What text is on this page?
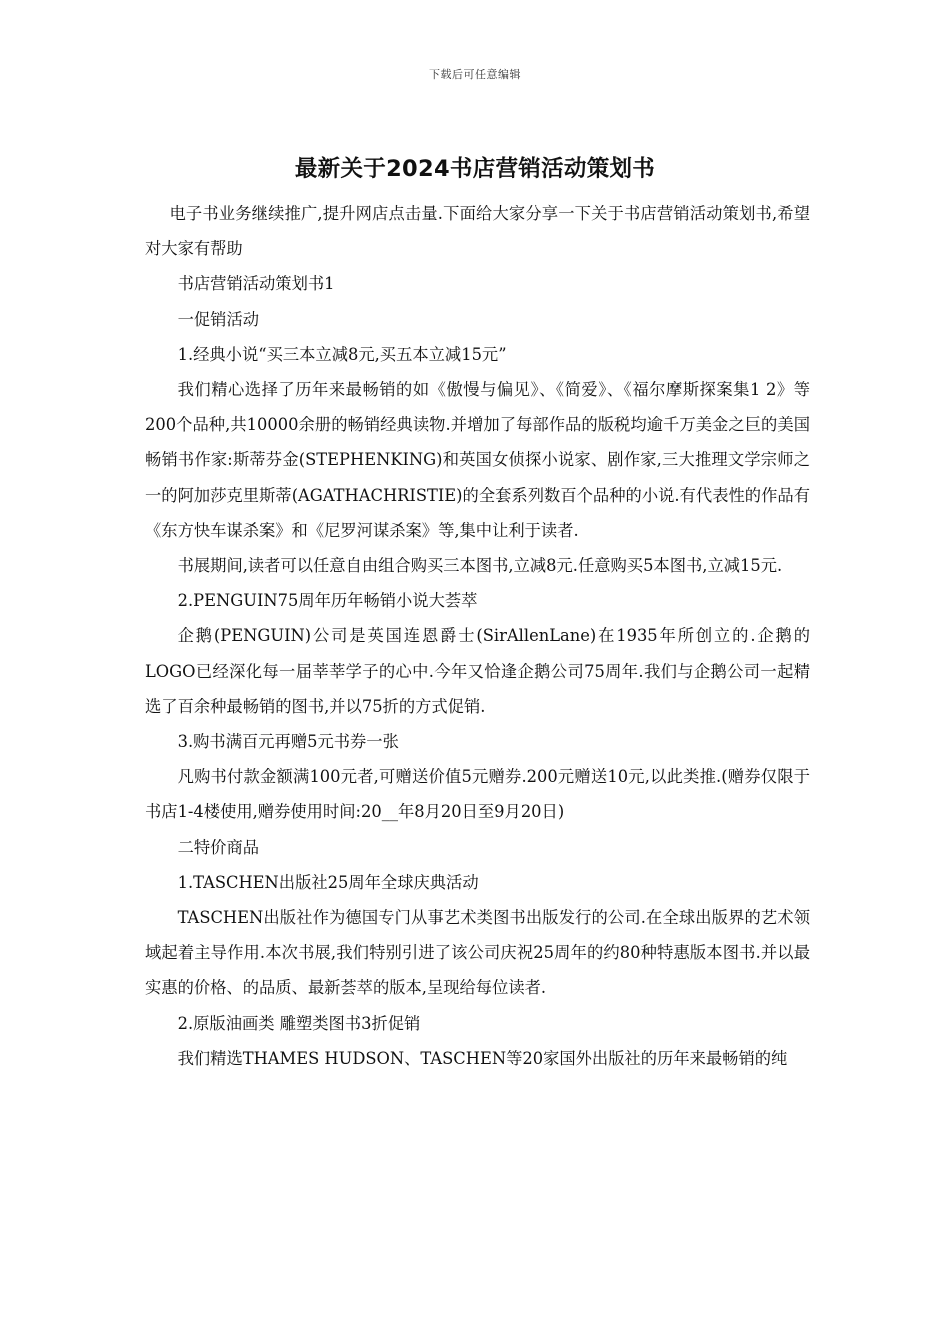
下载后可任意编辑
最新关于2024书店营销活动策划书

电子书业务继续推广,提升网店点击量.下面给大家分享一下关于书店营销活动策划书,希望对大家有帮助

书店营销活动策划书1

一促销活动

1.经典小说“买三本立减8元,买五本立减15元”

我们精心选择了历年来最畅销的如《傲慢与偏见》、《简爱》、《福尔摩斯探案集1 2》等200个品种,共10000余册的畅销经典读物.并增加了每部作品的版税均逾千万美金之巨的美国畅销书作家:斯蒂芬金(STEPHENKING)和英国女侦探小说家、剧作家,三大推理文学宗师之一的阿加莎克里斯蒂(AGATHACHRISTIE)的全套系列数百个品种的小说.有代表性的作品有《东方快车谋杀案》和《尼罗河谋杀案》等,集中让利于读者.

书展期间,读者可以任意自由组合购买三本图书,立减8元.任意购买5本图书,立减15元.

2.PENGUIN75周年历年畅销小说大荟萃

企鹅(PENGUIN)公司是英国连恩爵士(SirAllenLane)在1935年所创立的.企鹅的LOGO已经深化每一届莘莘学子的心中.今年又恰逢企鹅公司75周年.我们与企鹅公司一起精选了百余种最畅销的图书,并以75折的方式促销.

3.购书满百元再赠5元书券一张

凡购书付款金额满100元者,可赠送价值5元赠券.200元赠送10元,以此类推.(赠券仅限于书店1-4楼使用,赠券使用时间:20__年8月20日至9月20日)

二特价商品

1.TASCHEN出版社25周年全球庆典活动

TASCHEN出版社作为德国专门从事艺术类图书出版发行的公司.在全球出版界的艺术领域起着主导作用.本次书展,我们特别引进了该公司庆祝25周年的约80种特惠版本图书.并以最实惠的价格、的品质、最新荟萃的版本,呈现给每位读者.

2.原版油画类 雕塑类图书3折促销

我们精选THAMES HUDSON、TASCHEN等20家国外出版社的历年来最畅销的纯
